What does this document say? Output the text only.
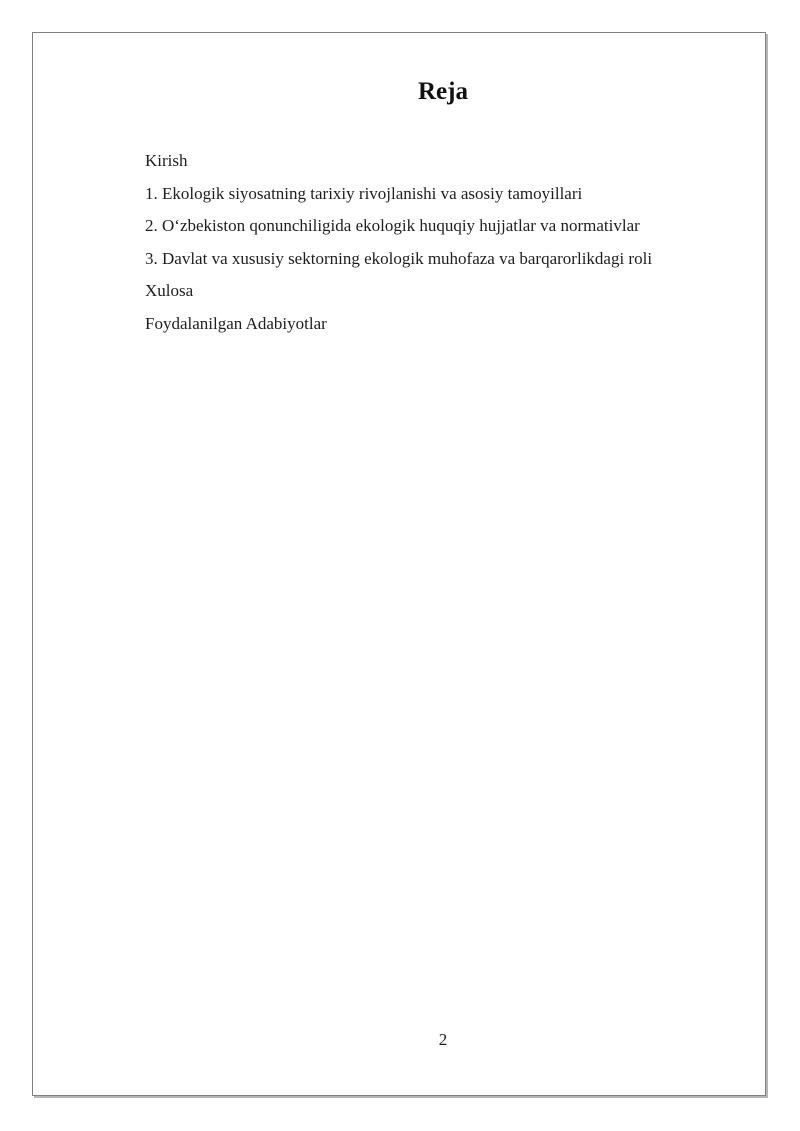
Reja
Kirish
1. Ekologik siyosatning tarixiy rivojlanishi va asosiy tamoyillari
2. O‘zbekiston qonunchiligida ekologik huquqiy hujjatlar va normativlar
3. Davlat va xususiy sektorning ekologik muhofaza va barqarorlikdagi roli
Xulosa
Foydalanilgan Adabiyotlar
2
